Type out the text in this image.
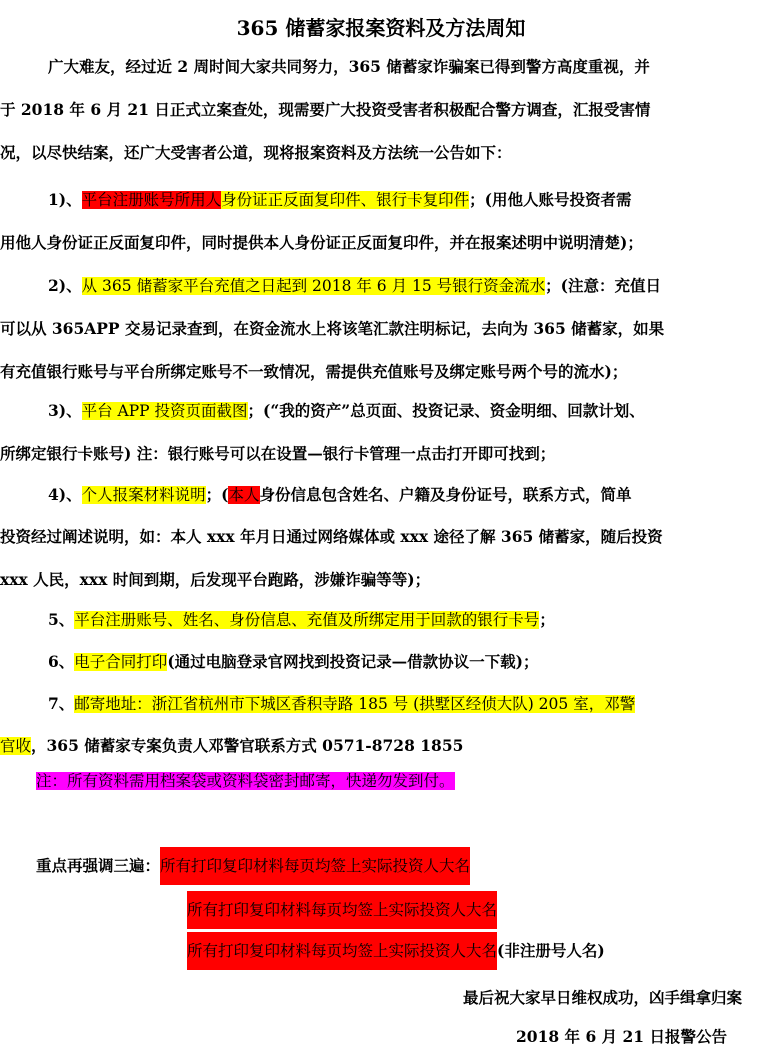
365 储蓄家报案资料及方法周知
广大难友，经过近 2 周时间大家共同努力，365 储蓄家诈骗案已得到警方高度重视，并
于 2018 年 6 月 21 日正式立案查处，现需要广大投资受害者积极配合警方调查，汇报受害情
况，以尽快结案，还广大受害者公道，现将报案资料及方法统一公告如下：
1)、平台注册账号所用人身份证正反面复印件、银行卡复印件；(用他人账号投资者需
用他人身份证正反面复印件，同时提供本人身份证正反面复印件，并在报案述明中说明清楚)；
2)、从 365 储蓄家平台充值之日起到 2018 年 6 月 15 号银行资金流水；(注意：充值日
可以从 365APP 交易记录查到，在资金流水上将该笔汇款注明标记，去向为 365 储蓄家，如果
有充值银行账号与平台所绑定账号不一致情况，需提供充值账号及绑定账号两个号的流水)；
3)、平台 APP 投资页面截图；(“我的资产”总页面、投资记录、资金明细、回款计划、
所绑定银行卡账号) 注：银行账号可以在设置—银行卡管理一点击打开即可找到；
4)、个人报案材料说明；(本人身份信息包含姓名、户籍及身份证号，联系方式，简单
投资经过阐述说明，如：本人 xxx 年月日通过网络媒体或 xxx 途径了解 365 储蓄家，随后投资
xxx 人民，xxx 时间到期，后发现平台跑路，涉嫌诈骗等等)；
5、平台注册账号、姓名、身份信息、充值及所绑定用于回款的银行卡号；
6、电子合同打印(通过电脑登录官网找到投资记录—借款协议一下载)；
7、邮寄地址：浙江省杭州市下城区香积寺路 185 号 (拱墅区经侦大队) 205 室，邓警
官收，365 储蓄家专案负责人邓警官联系方式 0571-8728 1855
注：所有资料需用档案袋或资料袋密封邮寄，快递勿发到付。
重点再强调三遍：所有打印复印材料每页均签上实际投资人大名
所有打印复印材料每页均签上实际投资人大名
所有打印复印材料每页均签上实际投资人大名(非注册号人名)
最后祝大家早日维权成功，凶手缉拿归案
2018 年 6 月 21 日报警公告
